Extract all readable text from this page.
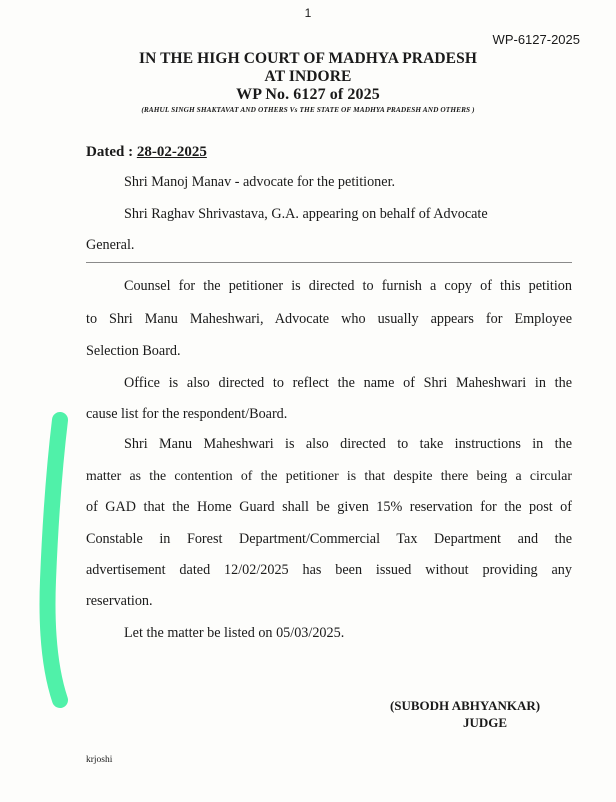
1
WP-6127-2025
IN THE HIGH COURT OF MADHYA PRADESH
AT INDORE
WP No. 6127 of 2025
(RAHUL SINGH SHAKTAVAT AND OTHERS Vs THE STATE OF MADHYA PRADESH AND OTHERS )
Dated : 28-02-2025
Shri Manoj Manav - advocate for the petitioner.
Shri Raghav Shrivastava, G.A. appearing on behalf of Advocate
General.
Counsel for the petitioner is directed to furnish a copy of this petition
to Shri Manu Maheshwari, Advocate who usually appears for Employee
Selection Board.
Office is also directed to reflect the name of Shri Maheshwari in the
cause list for the respondent/Board.
Shri Manu Maheshwari is also directed to take instructions in the
matter as the contention of the petitioner is that despite there being a circular
of GAD that the Home Guard shall be given 15% reservation for the post of
Constable in Forest Department/Commercial Tax Department and the
advertisement dated 12/02/2025 has been issued without providing any
reservation.
Let the matter be listed on 05/03/2025.
(SUBODH ABHYANKAR)
JUDGE
krjoshi
